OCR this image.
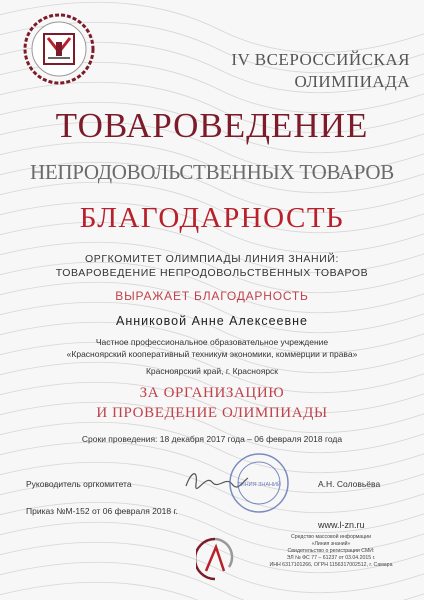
IV ВСЕРОССИЙСКАЯ
ОЛИМПИАДА
ТОВАРОВЕДЕНИЕ
НЕПРОДОВОЛЬСТВЕННЫХ ТОВАРОВ
БЛАГОДАРНОСТЬ
ОРГКОМИТЕТ ОЛИМПИАДЫ ЛИНИЯ ЗНАНИЙ:
ТОВАРОВЕДЕНИЕ НЕПРОДОВОЛЬСТВЕННЫХ ТОВАРОВ
ВЫРАЖАЕТ БЛАГОДАРНОСТЬ
Анниковой Анне Алексеевне
Частное профессиональное образовательное учреждение
«Красноярский кооперативный техникум экономики, коммерции и права»
Красноярский край, г. Красноярск
ЗА ОРГАНИЗАЦИЮ
И ПРОВЕДЕНИЕ ОЛИМПИАДЫ
Сроки проведения: 18 декабря 2017 года – 06 февраля 2018 года
Руководитель оргкомитета	ЛИНИЯ ЗНАНИЙ	А.Н. Соловьёва
Приказ №М-152 от 06 февраля 2018 г.
www.l-zn.ru
Средство массовой информации
«Линия знаний»
Свидетельство о регистрации СМИ:
ЭЛ № ФС 77 – 61237 от 03.04.2015 г.
ИНН 6317101266, ОГРН 1156317002512, г. Самара
